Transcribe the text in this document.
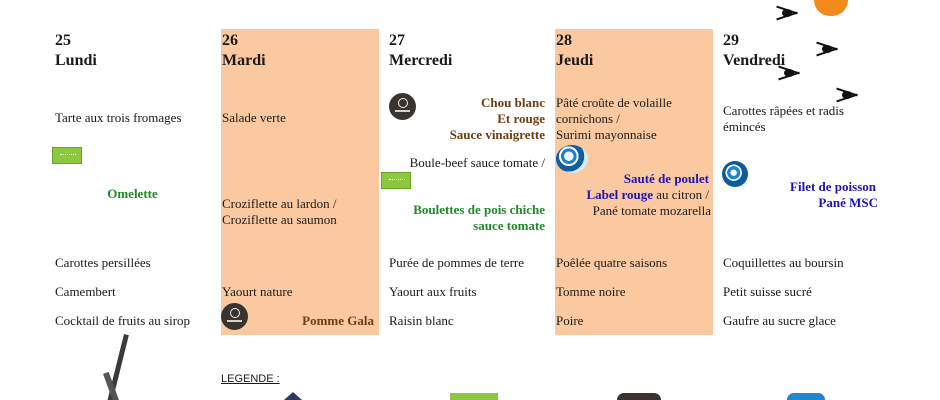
25
Lundi
26
Mardi
27
Mercredi
28
Jeudi
29
Vendredi
Tarte aux trois fromages
Omelette
Carottes persillées
Camembert
Cocktail de fruits au sirop
Salade verte
Croziflette au lardon /
Croziflette au saumon
Yaourt nature
Pomme Gala
Chou blanc
Et rouge
Sauce vinaigrette
Boule-beef sauce tomate /
Boulettes de pois chiche
sauce tomate
Purée de pommes de terre
Yaourt aux fruits
Raisin blanc
Pâté croûte de volaille
cornichons /
Surimi mayonnaise
Sauté de poulet
Label rouge au citron /
Pané tomate mozarella
Poêlée quatre saisons
Tomme noire
Poire
Carottes râpées et radis
émincés
Filet de poisson
Pané MSC
Coquillettes au boursin
Petit suisse sucré
Gaufre au sucre glace
LEGENDE :
